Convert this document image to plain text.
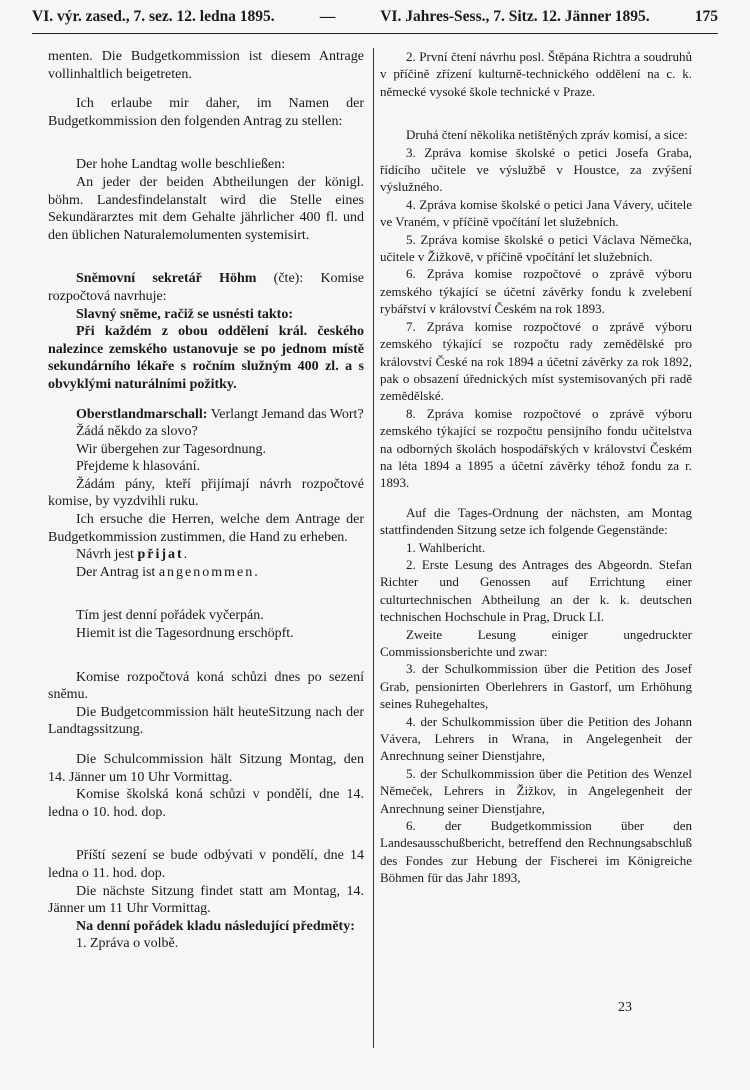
VI. výr. zased., 7. sez. 12. ledna 1895.	—	VI. Jahres-Sess., 7. Sitz. 12. Jänner 1895.	175

menten. Die Budgetkommission ist diesem Antrage vollinhaltlich beigetreten.

Ich erlaube mir daher, im Namen der Budgetkommission den folgenden Antrag zu stellen:

Der hohe Landtag wolle beschließen:

An jeder der beiden Abtheilungen der königl. böhm. Landesfindelanstalt wird die Stelle eines Sekundärarztes mit dem Gehalte jährlicher 400 fl. und den üblichen Naturalemolumenten systemisirt.

Sněmovní sekretář Höhm (čte): Komise rozpočtová navrhuje:

Slavný sněme, račiž se usnésti takto:

Při každém z obou oddělení král. českého nalezince zemského ustanovuje se po jednom místě sekundárního lékaře s ročním služným 400 zl. a s obvyklými naturálními požitky.

Oberstlandmarschall: Verlangt Jemand das Wort?

Žádá někdo za slovo?

Wir übergehen zur Tagesordnung.

Přejdeme k hlasování.

Žádám pány, kteří přijímají návrh rozpočtové komise, by vyzdvihli ruku.

Ich ersuche die Herren, welche dem Antrage der Budgetkommission zustimmen, die Hand zu erheben.

Návrh jest přijat.

Der Antrag ist angenommen.

Tím jest denní pořádek vyčerpán.

Hiemit ist die Tagesordnung erschöpft.

Komise rozpočtová koná schůzi dnes po sezení sněmu.

Die Budgetcommission hält heuteSitzung nach der Landtagssitzung.

Die Schulcommission hält Sitzung Montag, den 14. Jänner um 10 Uhr Vormittag.

Komise školská koná schůzi v pondělí, dne 14. ledna o 10. hod. dop.

Příští sezení se bude odbývati v pondělí, dne 14 ledna o 11. hod. dop.

Die nächste Sitzung findet statt am Montag, 14. Jänner um 11 Uhr Vormittag.

Na denní pořádek kladu následující předměty:

1. Zpráva o volbě.

2. První čtení návrhu posl. Štěpána Richtra a soudruhů v příčině zřízení kulturně-technického oddělení na c. k. německé vysoké škole technické v Praze.

Druhá čtení několika netištěných zpráv komisí, a sice:

3. Zpráva komise školské o petici Josefa Graba, řídícího učitele ve výslužbě v Houstce, za zvýšení výslužného.

4. Zpráva komise školské o petici Jana Vávery, učitele ve Vraném, v příčině vpočítání let služebních.

5. Zpráva komise školské o petici Václava Němečka, učitele v Žižkově, v příčině vpočítání let služebních.

6. Zpráva komise rozpočtové o zprávě výboru zemského týkající se účetní závěrky fondu k zvelebení rybářství v království Českém na rok 1893.

7. Zpráva komise rozpočtové o zprávě výboru zemského týkající se rozpočtu rady zemědělské pro království České na rok 1894 a účetní závěrky za rok 1892, pak o obsazení úřednických míst systemisovaných při radě zemědělské.

8. Zpráva komise rozpočtové o zprávě výboru zemského týkající se rozpočtu pensijního fondu učitelstva na odborných školách hospodářských v království Českém na léta 1894 a 1895 a účetní závěrky téhož fondu za r. 1893.

Auf die Tages-Ordnung der nächsten, am Montag stattfindenden Sitzung setze ich folgende Gegenstände:

1. Wahlbericht.

2. Erste Lesung des Antrages des Abgeordn. Stefan Richter und Genossen auf Errichtung einer culturtechnischen Abtheilung an der k. k. deutschen technischen Hochschule in Prag, Druck LI.

Zweite Lesung einiger ungedruckter Commissionsberichte und zwar:

3. der Schulkommission über die Petition des Josef Grab, pensionirten Oberlehrers in Gastorf, um Erhöhung seines Ruhegehaltes,

4. der Schulkommission über die Petition des Johann Vávera, Lehrers in Wrana, in Angelegenheit der Anrechnung seiner Dienstjahre,

5. der Schulkommission über die Petition des Wenzel Němeček, Lehrers in Žižkov, in Angelegenheit der Anrechnung seiner Dienstjahre,

6. der Budgetkommission über den Landesausschußbericht, betreffend den Rechnungsabschluß des Fondes zur Hebung der Fischerei im Königreiche Böhmen für das Jahr 1893,

23
